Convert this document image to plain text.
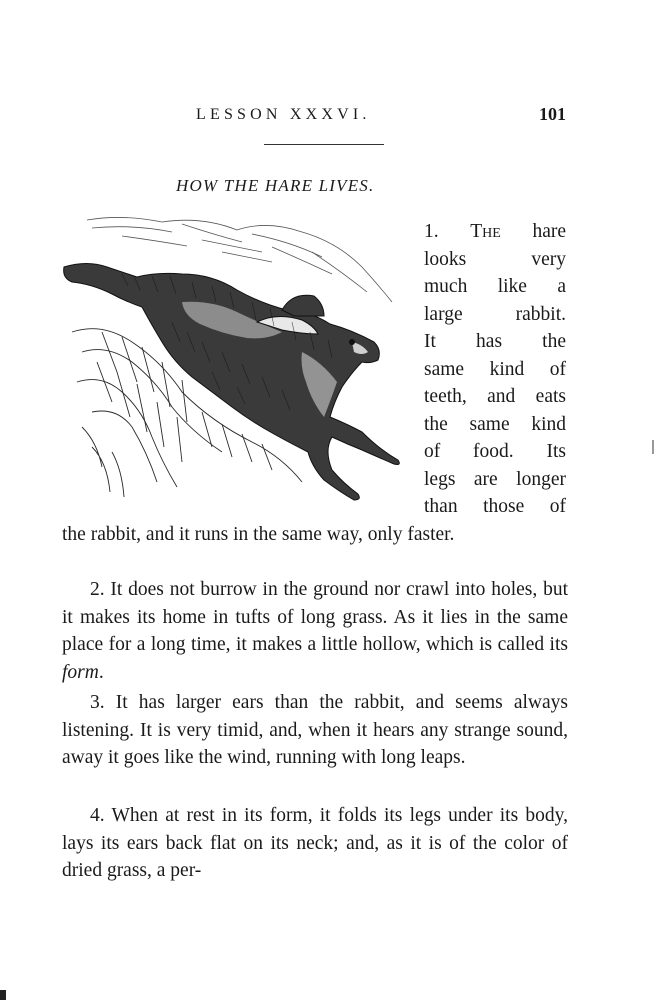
LESSON XXXVI.	101
HOW THE HARE LIVES.
1. The hare
looks very
much like a
large rabbit.
It has the
same kind of
teeth, and eats
the same kind
of food. Its
legs are longer
than those of

the rabbit, and it runs in the same way, only faster.

2. It does not burrow in the ground nor crawl into holes, but it makes its home in tufts of long grass. As it lies in the same place for a long time, it makes a little hollow, which is called its form.

3. It has larger ears than the rabbit, and seems always listening. It is very timid, and, when it hears any strange sound, away it goes like the wind, running with long leaps.

4. When at rest in its form, it folds its legs under its body, lays its ears back flat on its neck; and, as it is of the color of dried grass, a per-
